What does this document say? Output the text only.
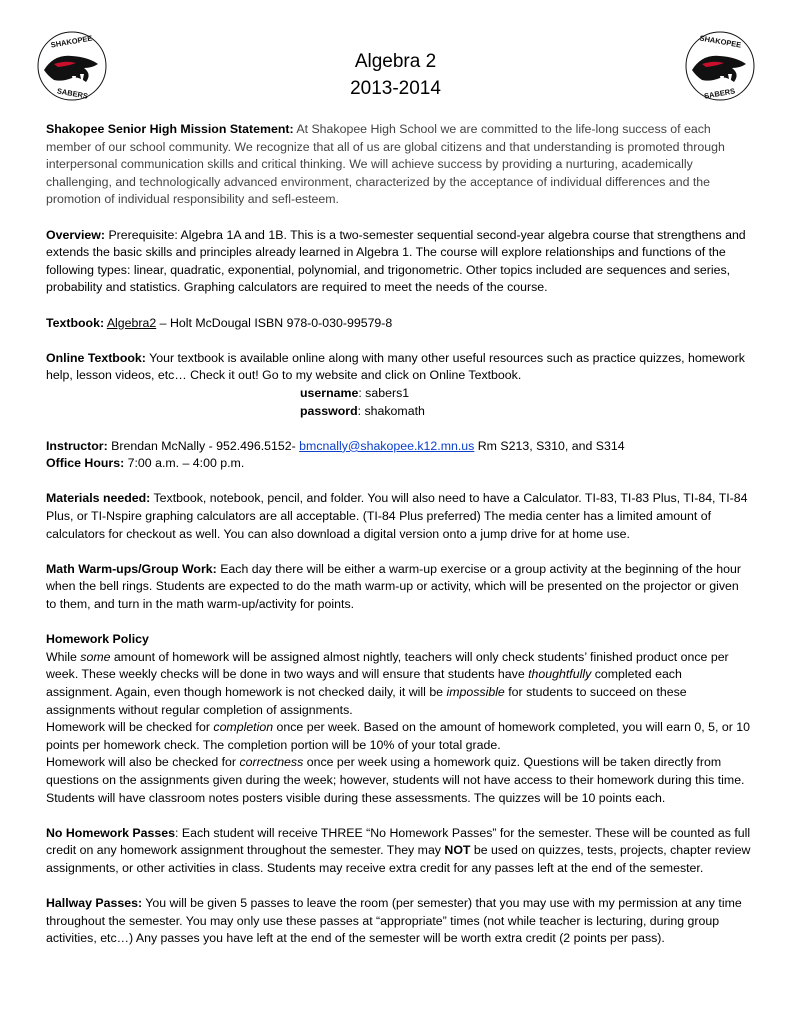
SHAKOPEE
SABERS
SHAKOPEE
SABERS
Algebra 2
2013-2014

Shakopee Senior High Mission Statement: At Shakopee High School we are committed to the life-long success of each member of our school community. We recognize that all of us are global citizens and that understanding is promoted through interpersonal communication skills and critical thinking. We will achieve success by providing a nurturing, academically challenging, and technologically advanced environment, characterized by the acceptance of individual differences and the promotion of individual responsibility and sefl-esteem.

Overview: Prerequisite: Algebra 1A and 1B. This is a two-semester sequential second-year algebra course that strengthens and extends the basic skills and principles already learned in Algebra 1. The course will explore relationships and functions of the following types: linear, quadratic, exponential, polynomial, and trigonometric. Other topics included are sequences and series, probability and statistics. Graphing calculators are required to meet the needs of the course.

Textbook: Algebra2 – Holt McDougal ISBN 978-0-030-99579-8

Online Textbook: Your textbook is available online along with many other useful resources such as practice quizzes, homework help, lesson videos, etc… Check it out! Go to my website and click on Online Textbook.

username: sabers1

password: shakomath

Instructor: Brendan McNally - 952.496.5152- bmcnally@shakopee.k12.mn.us Rm S213, S310, and S314

Office Hours: 7:00 a.m. – 4:00 p.m.

Materials needed: Textbook, notebook, pencil, and folder. You will also need to have a Calculator. TI-83, TI-83 Plus, TI-84, TI-84 Plus, or TI-Nspire graphing calculators are all acceptable. (TI-84 Plus preferred) The media center has a limited amount of calculators for checkout as well. You can also download a digital version onto a jump drive for at home use.

Math Warm-ups/Group Work: Each day there will be either a warm-up exercise or a group activity at the beginning of the hour when the bell rings. Students are expected to do the math warm-up or activity, which will be presented on the projector or given to them, and turn in the math warm-up/activity for points.

Homework Policy
While some amount of homework will be assigned almost nightly, teachers will only check students’ finished product once per week. These weekly checks will be done in two ways and will ensure that students have thoughtfully completed each assignment. Again, even though homework is not checked daily, it will be impossible for students to succeed on these assignments without regular completion of assignments.
Homework will be checked for completion once per week. Based on the amount of homework completed, you will earn 0, 5, or 10 points per homework check. The completion portion will be 10% of your total grade.

Homework will also be checked for correctness once per week using a homework quiz. Questions will be taken directly from questions on the assignments given during the week; however, students will not have access to their homework during this time. Students will have classroom notes posters visible during these assessments. The quizzes will be 10 points each.

No Homework Passes: Each student will receive THREE “No Homework Passes” for the semester. These will be counted as full credit on any homework assignment throughout the semester. They may NOT be used on quizzes, tests, projects, chapter review assignments, or other activities in class. Students may receive extra credit for any passes left at the end of the semester.

Hallway Passes: You will be given 5 passes to leave the room (per semester) that you may use with my permission at any time throughout the semester. You may only use these passes at “appropriate” times (not while teacher is lecturing, during group activities, etc…) Any passes you have left at the end of the semester will be worth extra credit (2 points per pass).
